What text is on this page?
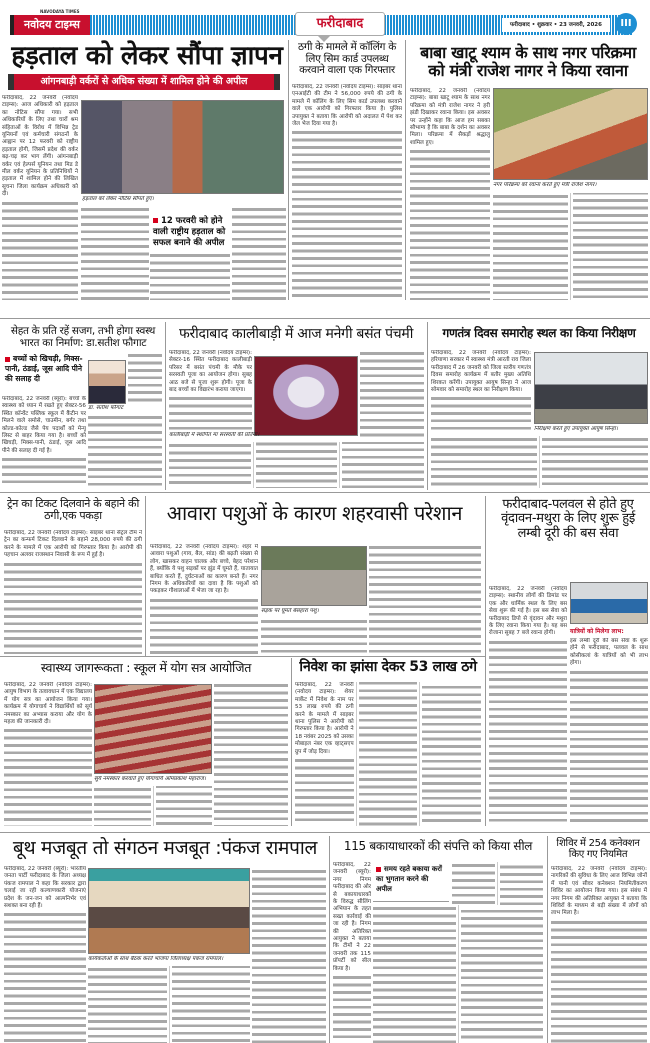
NAVODAYA TIMES
नवोदय टाइम्स	फरीदाबाद	फरीदाबाद • शुक्रवार • 23 जनवरी, 2026	III
हड़ताल को लेकर सौंपा ज्ञापन
आंगनबाड़ी वर्करों से अधिक संख्या में शामिल होने की अपील

फरीदाबाद, 22 जनवरी (नवोदय टाइम्स): आज अधिकारी को हड़ताल का नोटिस सौंपा गया। सभी अधिकारियों के लिए तथा चारों श्रम संहिताओं के विरोध में विभिन्न ट्रेड यूनियनों एवं कर्मचारी संगठनों के आह्वान पर 12 फरवरी को राष्ट्रीय हड़ताल होगी, जिसमें प्रदेश की वर्कर बढ़-चढ़ कर भाग लेंगी। आंगनबाड़ी वर्कर एवं हेल्पर्स यूनियन तथा मिड डे मील वर्कर यूनियन के प्रतिनिधियों ने हड़ताल में शामिल होने की लिखित सूचना जिला कार्यक्रम अधिकारी को दी।

हड़ताल को लेकर नोटिस सौंपते हुए।
12 फरवरी को होने वाली राष्ट्रीय हड़ताल को सफल बनाने की अपील
ठगी के मामले में कॉलिंग के लिए सिम कार्ड उपलब्ध करवाने वाला एक गिरफ्तार

फरीदाबाद, 22 जनवरी (नवोदय टाइम्स): साइबर थाना एनआईटी की टीम ने 56,000 रुपये की ठगी के मामले में कॉलिंग के लिए सिम कार्ड उपलब्ध करवाने वाले एक आरोपी को गिरफ्तार किया है। पुलिस उपायुक्त ने बताया कि आरोपी को अदालत में पेश कर जेल भेज दिया गया है।

बाबा खाटू श्याम के साथ नगर परिक्रमा को मंत्री राजेश नागर ने किया रवाना

फरीदाबाद, 22 जनवरी (नवोदय टाइम्स): बाबा खाटू श्याम के साथ नगर परिक्रमा को मंत्री राजेश नागर ने हरी झंडी दिखाकर रवाना किया। इस अवसर पर उन्होंने कहा कि आज हम सबका सौभाग्य है कि बाबा के दर्शन का अवसर मिला। परिक्रमा में सैकड़ों श्रद्धालु शामिल हुए।

नगर परिक्रमा को रवाना करते हुए मंत्री राजेश नागर।
सेहत के प्रति रहें सजग, तभी होगा स्वस्थ भारत का निर्माण: डा.सतीश फौगाट
बच्चों को खिचड़ी, मिक्स-पानी, ठंडाई, जूस आदि पीने की सलाह दी
डा. सतीश फौगाट

फरीदाबाद, 22 जनवरी (ब्यूरो): बच्चों के स्वास्थ्य को ध्यान में रखते हुए सेक्टर-56 स्थित कॉन्वेंट पब्लिक स्कूल में कैंटीन पर मिलने वाले समोसे, चाउमीन, बर्गर तथा कोल्ड-कोल्ड जैसे पेय पदार्थों को मेन्यू लिस्ट से बाहर किया गया है। बच्चों को खिचड़ी, मिक्स-पानी, ठंडाई, जूस आदि पीने की सलाह दी गई है।

फरीदाबाद कालीबाड़ी में आज मनेगी बसंत पंचमी

फरीदाबाद, 22 जनवरी (नवोदय टाइम्स): सेक्टर-16 स्थित फरीदाबाद कालीबाड़ी परिसर में बसंत पंचमी के मौके पर सरस्वती पूजा का आयोजन होगा। सुबह आठ बजे से पूजा शुरू होगी। पूजा के बाद बच्चों का विद्यारंभ कराया जाएगा।

कालीबाड़ी में स्थापित मां सरस्वती की प्रतिमा।
गणतंत्र दिवस समारोह स्थल का किया निरीक्षण

फरीदाबाद, 22 जनवरी (नवोदय टाइम्स): हरियाणा सरकार में स्वास्थ्य मंत्री आरती राव जिला फरीदाबाद में 26 जनवरी को जिला स्तरीय गणतंत्र दिवस समारोह कार्यक्रम में बतौर मुख्य अतिथि शिरकत करेंगी। उपायुक्त आयुष सिन्हा ने आज सोमवार को समारोह स्थल का निरीक्षण किया।

निरीक्षण करते हुए उपायुक्त आयुष सिन्हा।
ट्रेन का टिकट दिलवाने के बहाने की ठगी,एक पकड़ा

फरीदाबाद, 22 जनवरी (नवोदय टाइम्स): साइबर थाना सेंट्रल टीम ने ट्रेन का कन्फर्म टिकट दिलवाने के बहाने 28,000 रुपये की ठगी करने के मामले में एक आरोपी को गिरफ्तार किया है। आरोपी की पहचान अलवर राजस्थान निवासी के रूप में हुई है।

आवारा पशुओं के कारण शहरवासी परेशान

फरीदाबाद, 22 जनवरी (नवोदय टाइम्स): शहर में आवारा पशुओं (गाय, बैल, सांड) की बढ़ती संख्या से लोग, खासकर वाहन चालक और बच्चे, बेहद परेशान हैं, क्योंकि ये पशु सड़कों पर झुंड में घूमते हैं, यातायात बाधित करते हैं, दुर्घटनाओं का कारण बनते हैं। नगर निगम के अधिकारियों का दावा है कि पशुओं को पकड़कर गौशालाओं में भेजा जा रहा है।

सड़क पर घूमते बेसहारा पशु।
फरीदाबाद-पलवल से होते हुए वृंदावन-मथुरा के लिए शुरू हुई लम्बी दूरी की बस सेवा

फरीदाबाद, 22 जनवरी (नवोदय टाइम्स): स्थानीय लोगों की डिमांड पर एक और धार्मिक स्थल के लिए बस सेवा शुरू की गई है। इस बस सेवा को फरीदाबाद डिपो से वृंदावन और मथुरा के लिए रवाना किया गया है। यह बस रोजाना सुबह 7 बजे रवाना होगी।	यात्रियों को मिलेगा लाभ:

इस लम्बी दूरी की बस सेवा के शुरू होने से फरीदाबाद, पलवल के साथ कोसीकलां के यात्रियों को भी लाभ होगा।

स्वास्थ्य जागरूकता : स्कूल में योग सत्र आयोजित

फरीदाबाद, 22 जनवरी (नवोदय टाइम्स): आयुष विभाग के तत्वावधान में एक विद्यालय में योग सत्र का आयोजन किया गया। कार्यक्रम में योगाचार्य ने विद्यार्थियों को सूर्य नमस्कार का अभ्यास कराया और योग के महत्व की जानकारी दी।

सूर्य नमस्कार करवाते हुए योगाचार्य ओमप्रकाश महाराज।
निवेश का झांसा देकर 53 लाख ठगे

फरीदाबाद, 22 जनवरी (नवोदय टाइम्स): शेयर मार्केट में निवेश के नाम पर 53 लाख रुपये की ठगी करने के मामले में साइबर थाना पुलिस ने आरोपी को गिरफ्तार किया है। आरोपी ने 18 नवंबर 2025 को उसका मोबाइल नंबर एक व्हाट्सएप ग्रुप में जोड़ दिया।

बूथ मजबूत तो संगठन मजबूत :पंकज रामपाल

फरीदाबाद, 22 जनवरी (ब्यूरो): भारतीय जनता पार्टी फरीदाबाद के जिला अध्यक्ष पंकज रामपाल ने कहा कि सरकार द्वारा चलाई जा रही कल्याणकारी योजनाएं प्रदेश के जन-जन को आत्मनिर्भर एवं सशक्त बना रही हैं।

कार्यकर्ताओं के साथ बैठक करते भाजपा जिलाध्यक्ष पंकज रामपाल।
115 बकायाधारकों की संपत्ति को किया सील

फरीदाबाद, 22 जनवरी (ब्यूरो): नगर निगम फरीदाबाद की ओर से बकायाधारकों के विरुद्ध सीलिंग अभियान के तहत सख्त कार्रवाई की जा रही है। निगम की अतिरिक्त आयुक्त ने बताया कि टीमों ने 22 जनवरी तक 115 प्रॉपर्टी को सील किया है।

समय रहते बकाया करों का भुगतान करने की अपील
शिविर में 254 कनेक्शन किए गए नियमित

फरीदाबाद, 22 जनवरी (नवोदय टाइम्स): नागरिकों की सुविधा के लिए आज विभिन्न जोनों में पानी एवं सीवर कनेक्शन नियमितीकरण शिविर का आयोजन किया गया। इस संबंध में नगर निगम की अतिरिक्त आयुक्त ने बताया कि शिविरों के माध्यम से बड़ी संख्या में लोगों को लाभ मिला है।
